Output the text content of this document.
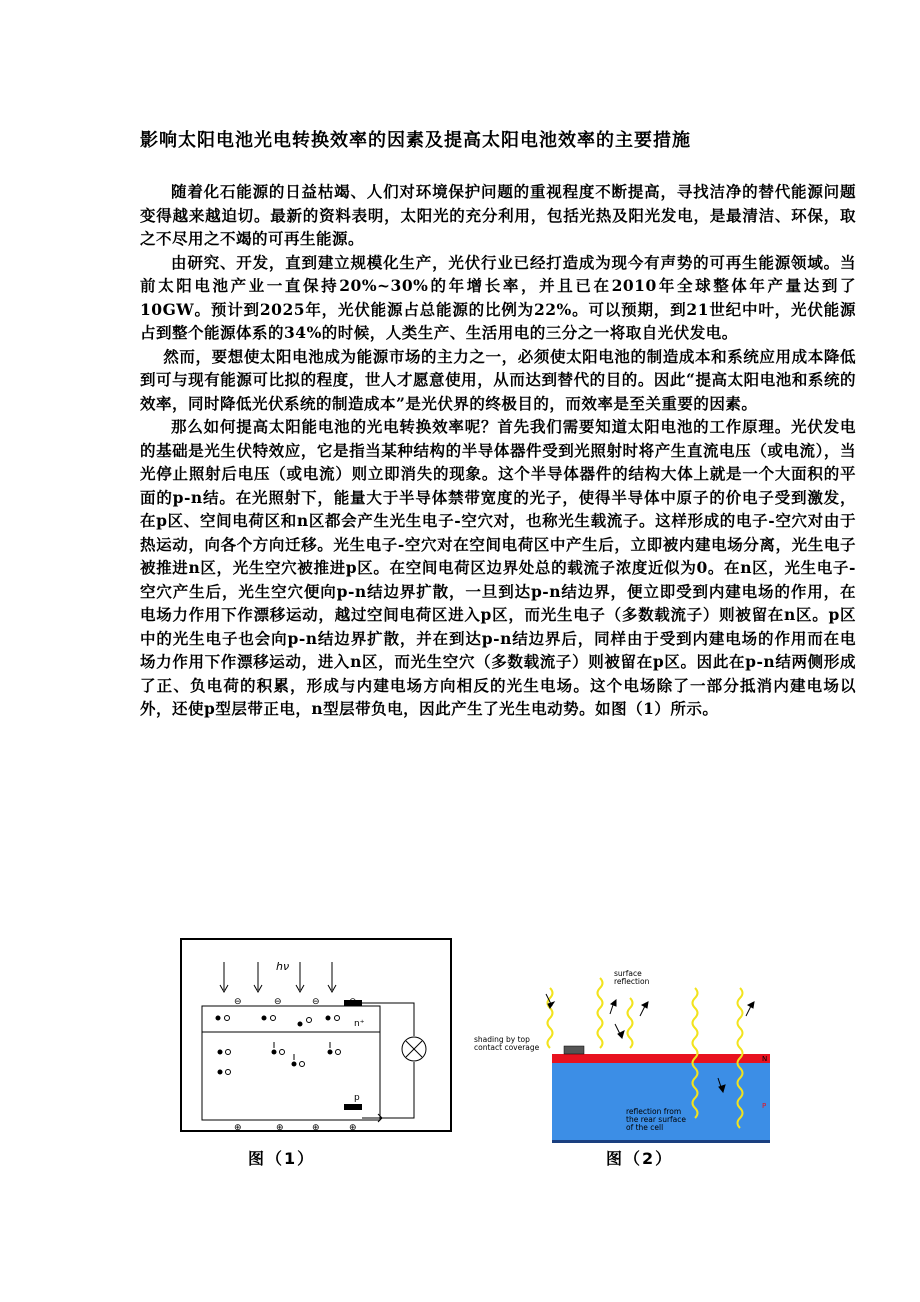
影响太阳电池光电转换效率的因素及提高太阳电池效率的主要措施

随着化石能源的日益枯竭、人们对环境保护问题的重视程度不断提高，寻找洁净的替代能源问题变得越来越迫切。最新的资料表明，太阳光的充分利用，包括光热及阳光发电，是最清洁、环保，取之不尽用之不竭的可再生能源。

由研究、开发，直到建立规模化生产，光伏行业已经打造成为现今有声势的可再生能源领域。当前太阳电池产业一直保持20%~30%的年增长率，并且已在2010年全球整体年产量达到了10GW。预计到2025年，光伏能源占总能源的比例为22%。可以预期，到21世纪中叶，光伏能源占到整个能源体系的34%的时候，人类生产、生活用电的三分之一将取自光伏发电。

然而，要想使太阳电池成为能源市场的主力之一，必须使太阳电池的制造成本和系统应用成本降低到可与现有能源可比拟的程度，世人才愿意使用，从而达到替代的目的。因此“提高太阳电池和系统的效率，同时降低光伏系统的制造成本”是光伏界的终极目的，而效率是至关重要的因素。

那么如何提高太阳能电池的光电转换效率呢？首先我们需要知道太阳电池的工作原理。光伏发电的基础是光生伏特效应，它是指当某种结构的半导体器件受到光照射时将产生直流电压（或电流），当光停止照射后电压（或电流）则立即消失的现象。这个半导体器件的结构大体上就是一个大面积的平面的p-n结。在光照射下，能量大于半导体禁带宽度的光子，使得半导体中原子的价电子受到激发，在p区、空间电荷区和n区都会产生光生电子-空穴对，也称光生载流子。这样形成的电子-空穴对由于热运动，向各个方向迁移。光生电子-空穴对在空间电荷区中产生后，立即被内建电场分离，光生电子被推进n区，光生空穴被推进p区。在空间电荷区边界处总的载流子浓度近似为0。在n区，光生电子-空穴产生后，光生空穴便向p-n结边界扩散，一旦到达p-n结边界，便立即受到内建电场的作用，在电场力作用下作漂移运动，越过空间电荷区进入p区，而光生电子（多数载流子）则被留在n区。p区中的光生电子也会向p-n结边界扩散，并在到达p-n结边界后，同样由于受到内建电场的作用而在电场力作用下作漂移运动，进入n区，而光生空穴（多数载流子）则被留在p区。因此在p-n结两侧形成了正、负电荷的积累，形成与内建电场方向相反的光生电场。这个电场除了一部分抵消内建电场以外，还使p型层带正电，n型层带负电，因此产生了光生电动势。如图（1）所示。

hν
⊖	⊖	⊖
n⁺
p
⊕	⊕	⊕	⊕
N
P
surface reflection
shading by top contact coverage
reflection from the rear surface of the cell
图（1）	图（2）
